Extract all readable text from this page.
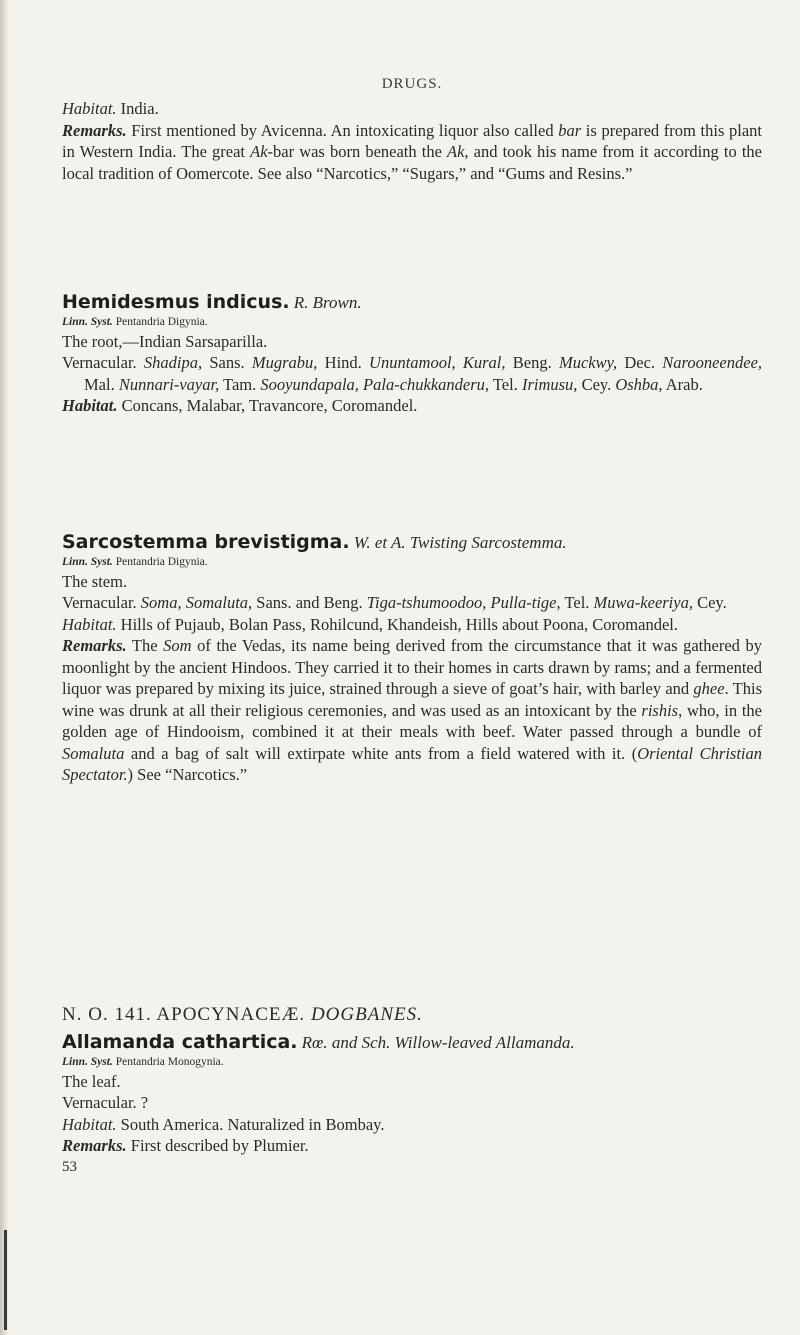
DRUGS.

Habitat. India.

Remarks. First mentioned by Avicenna. An intoxicating liquor also called bar is prepared from this plant in Western India. The great Ak-bar was born beneath the Ak, and took his name from it according to the local tradition of Oomercote. See also “Narcotics,” “Sugars,” and “Gums and Resins.”

Hemidesmus indicus. R. Brown.

Linn. Syst. Pentandria Digynia.

The root,—Indian Sarsaparilla.

Vernacular. Shadipa, Sans. Mugrabu, Hind. Ununtamool, Kural, Beng. Muckwy, Dec. Narooneendee, Mal. Nunnari-vayar, Tam. Sooyundapala, Pala-chukkanderu, Tel. Irimusu, Cey. Oshba, Arab.

Habitat. Concans, Malabar, Travancore, Coromandel.

Sarcostemma brevistigma. W. et A. Twisting Sarcostemma.

Linn. Syst. Pentandria Digynia.

The stem.

Vernacular. Soma, Somaluta, Sans. and Beng. Tiga-tshumoodoo, Pulla-tige, Tel. Muwa-keeriya, Cey.

Habitat. Hills of Pujaub, Bolan Pass, Rohilcund, Khandeish, Hills about Poona, Coromandel.

Remarks. The Som of the Vedas, its name being derived from the circumstance that it was gathered by moonlight by the ancient Hindoos. They carried it to their homes in carts drawn by rams; and a fermented liquor was prepared by mixing its juice, strained through a sieve of goat’s hair, with barley and ghee. This wine was drunk at all their religious ceremonies, and was used as an intoxicant by the rishis, who, in the golden age of Hindooism, combined it at their meals with beef. Water passed through a bundle of Somaluta and a bag of salt will extirpate white ants from a field watered with it. (Oriental Christian Spectator.) See “Narcotics.”

N. O. 141. APOCYNACEÆ. DOGBANES.

Allamanda cathartica. Rœ. and Sch. Willow-leaved Allamanda.

Linn. Syst. Pentandria Monogynia.

The leaf.

Vernacular. ?

Habitat. South America. Naturalized in Bombay.

Remarks. First described by Plumier.

53
